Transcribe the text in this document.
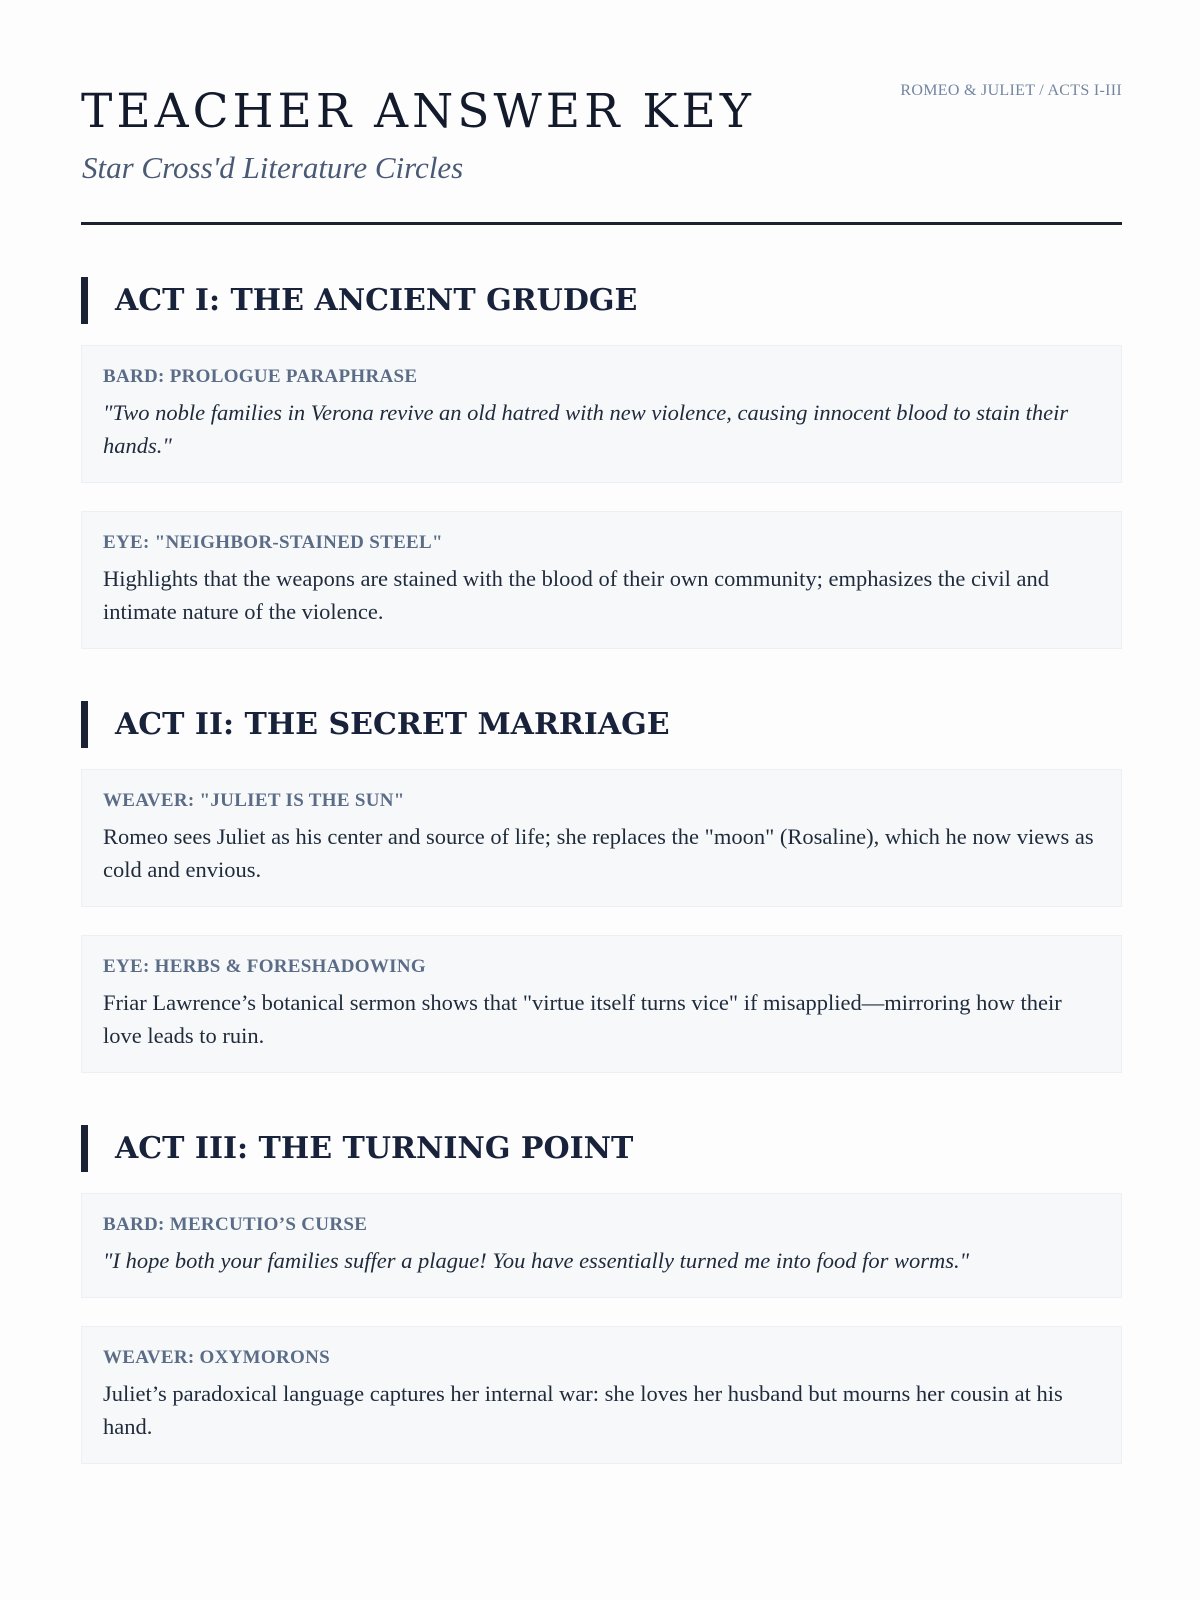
TEACHER ANSWER KEY
Star Cross'd Literature Circles
ROMEO & JULIET / ACTS I-III
ACT I: THE ANCIENT GRUDGE
BARD: PROLOGUE PARAPHRASE
"Two noble families in Verona revive an old hatred with new violence, causing innocent blood to stain their hands."
EYE: "NEIGHBOR-STAINED STEEL"
Highlights that the weapons are stained with the blood of their own community; emphasizes the civil and intimate nature of the violence.
ACT II: THE SECRET MARRIAGE
WEAVER: "JULIET IS THE SUN"
Romeo sees Juliet as his center and source of life; she replaces the "moon" (Rosaline), which he now views as cold and envious.
EYE: HERBS & FORESHADOWING
Friar Lawrence’s botanical sermon shows that "virtue itself turns vice" if misapplied—mirroring how their love leads to ruin.
ACT III: THE TURNING POINT
BARD: MERCUTIO’S CURSE
"I hope both your families suffer a plague! You have essentially turned me into food for worms."
WEAVER: OXYMORONS
Juliet’s paradoxical language captures her internal war: she loves her husband but mourns her cousin at his hand.
